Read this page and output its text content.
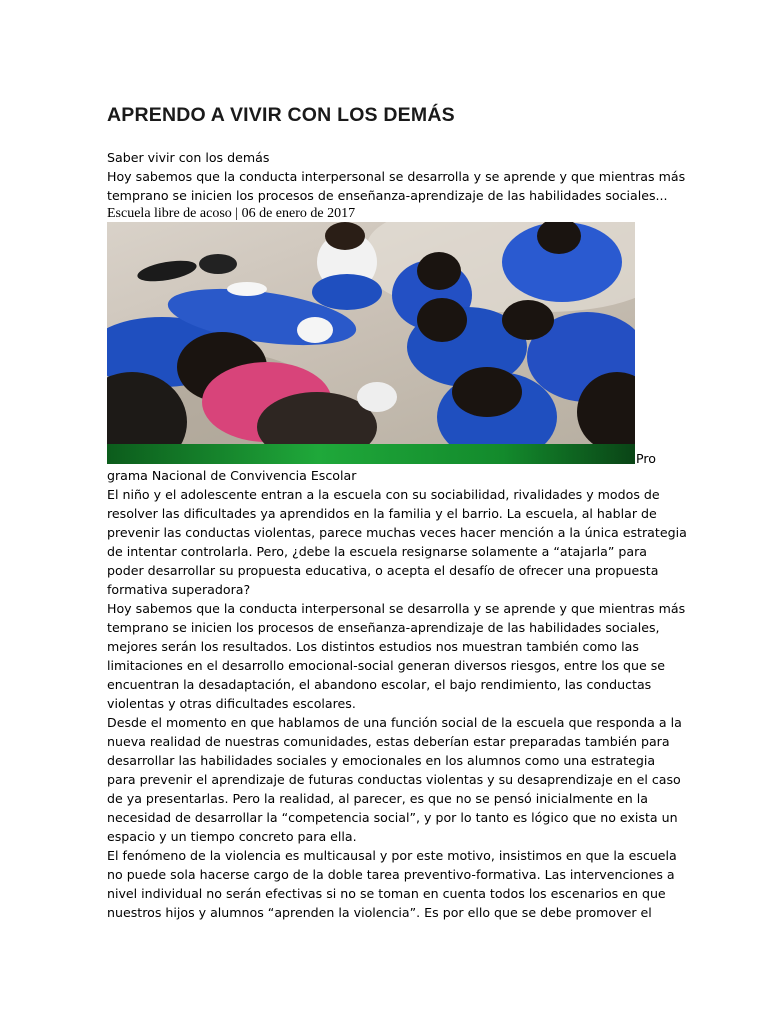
APRENDO A VIVIR CON LOS DEMÁS
Saber vivir con los demás
Hoy sabemos que la conducta interpersonal se desarrolla y se aprende y que mientras más
temprano se inicien los procesos de enseñanza-aprendizaje de las habilidades sociales...
Escuela libre de acoso | 06 de enero de 2017
Pro
grama Nacional de Convivencia Escolar
El niño y el adolescente entran a la escuela con su sociabilidad, rivalidades y modos de
resolver las dificultades ya aprendidos en la familia y el barrio. La escuela, al hablar de
prevenir las conductas violentas, parece muchas veces hacer mención a la única estrategia
de intentar controlarla. Pero, ¿debe la escuela resignarse solamente a “atajarla” para
poder desarrollar su propuesta educativa, o acepta el desafío de ofrecer una propuesta
formativa superadora?
Hoy sabemos que la conducta interpersonal se desarrolla y se aprende y que mientras más
temprano se inicien los procesos de enseñanza-aprendizaje de las habilidades sociales,
mejores serán los resultados. Los distintos estudios nos muestran también como las
limitaciones en el desarrollo emocional-social generan diversos riesgos, entre los que se
encuentran la desadaptación, el abandono escolar, el bajo rendimiento, las conductas
violentas y otras dificultades escolares.
Desde el momento en que hablamos de una función social de la escuela que responda a la
nueva realidad de nuestras comunidades, estas deberían estar preparadas también para
desarrollar las habilidades sociales y emocionales en los alumnos como una estrategia
para prevenir el aprendizaje de futuras conductas violentas y su desaprendizaje en el caso
de ya presentarlas. Pero la realidad, al parecer, es que no se pensó inicialmente en la
necesidad de desarrollar la “competencia social”, y por lo tanto es lógico que no exista un
espacio y un tiempo concreto para ella.
El fenómeno de la violencia es multicausal y por este motivo, insistimos en que la escuela
no puede sola hacerse cargo de la doble tarea preventivo-formativa. Las intervenciones a
nivel individual no serán efectivas si no se toman en cuenta todos los escenarios en que
nuestros hijos y alumnos “aprenden la violencia”. Es por ello que se debe promover el
